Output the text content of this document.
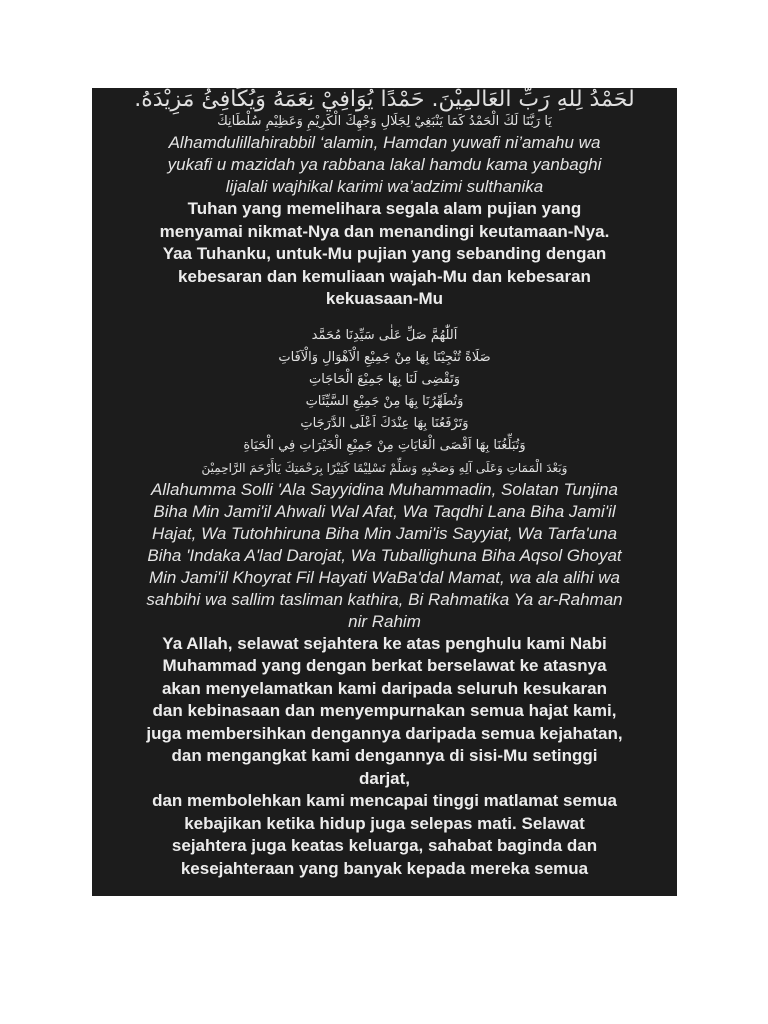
لْحَمْدُ لِلّٰهِ رَبِّ الْعَالَمِيْنَ. حَمْدًا يُوَافِيْ نِعَمَهُ وَيُكَافِئُ مَزِيْدَهُ.

يَا رَبَّنَا لَكَ الْحَمْدُ كَمَا يَنْبَغِيْ لِجَلَالِ وَجْهِكَ الْكَرِيْمِ وَعَظِيْمِ سُلْطَانِكَ

Alhamdulillahirabbil ‘alamin, Hamdan yuwafi ni’amahu wa
yukafi u mazidah ya rabbana lakal hamdu kama yanbaghi
lijalali wajhikal karimi wa’adzimi sulthanika

Tuhan yang memelihara segala alam pujian yang
menyamai nikmat-Nya dan menandingi keutamaan-Nya.
Yaa Tuhanku, untuk-Mu pujian yang sebanding dengan
kebesaran dan kemuliaan wajah-Mu dan kebesaran
kekuasaan-Mu

اَللّٰهُمَّ صَلِّ عَلٰى سَيِّدِنَا مُحَمَّد
صَلَاةً تُنْجِيْنَا بِهَا مِنْ جَمِيْعِ الْاَهْوَالِ وَالْآفَاتِ
وَتَقْضِى لَنَا بِهَا جَمِيْعَ الْحَاجَاتِ
وَتُطَهِّرُنَا بِهَا مِنْ جَمِيْعِ السَّيِّئَاتِ
وَتَرْفَعُنَا بِهَا عِنْدَكَ اَعْلَى الدَّرَجَاتِ
وَتُبَلِّغُنَا بِهَا اَقْصَى الْغَايَاتِ مِنْ جَمِيْعِ الْخَيْرَاتِ فِي الْحَيَاةِ
وَبَعْدَ الْمَمَاتِ وَعَلَى آلِهِ وَصَحْبِهِ وَسَلِّمْ تَسْلِيْمًا كَثِيْرًا بِرَحْمَتِكَ يَاأَرْحَمَ الرَّاحِمِيْنَ

Allahumma Solli 'Ala Sayyidina Muhammadin, Solatan Tunjina
Biha Min Jami'il Ahwali Wal Afat, Wa Taqdhi Lana Biha Jami'il
Hajat, Wa Tutohhiruna Biha Min Jami'is Sayyiat, Wa Tarfa'una
Biha 'Indaka A'lad Darojat, Wa Tuballighuna Biha Aqsol Ghoyat
Min Jami'il Khoyrat Fil Hayati WaBa'dal Mamat, wa ala alihi wa
sahbihi wa sallim tasliman kathira, Bi Rahmatika Ya ar-Rahman
nir Rahim

Ya Allah, selawat sejahtera ke atas penghulu kami Nabi
Muhammad yang dengan berkat berselawat ke atasnya
akan menyelamatkan kami daripada seluruh kesukaran
dan kebinasaan dan menyempurnakan semua hajat kami,
juga membersihkan dengannya daripada semua kejahatan,
dan mengangkat kami dengannya di sisi-Mu setinggi
darjat,
dan membolehkan kami mencapai tinggi matlamat semua
kebajikan ketika hidup juga selepas mati. Selawat
sejahtera juga keatas keluarga, sahabat baginda dan
kesejahteraan yang banyak kepada mereka semua
